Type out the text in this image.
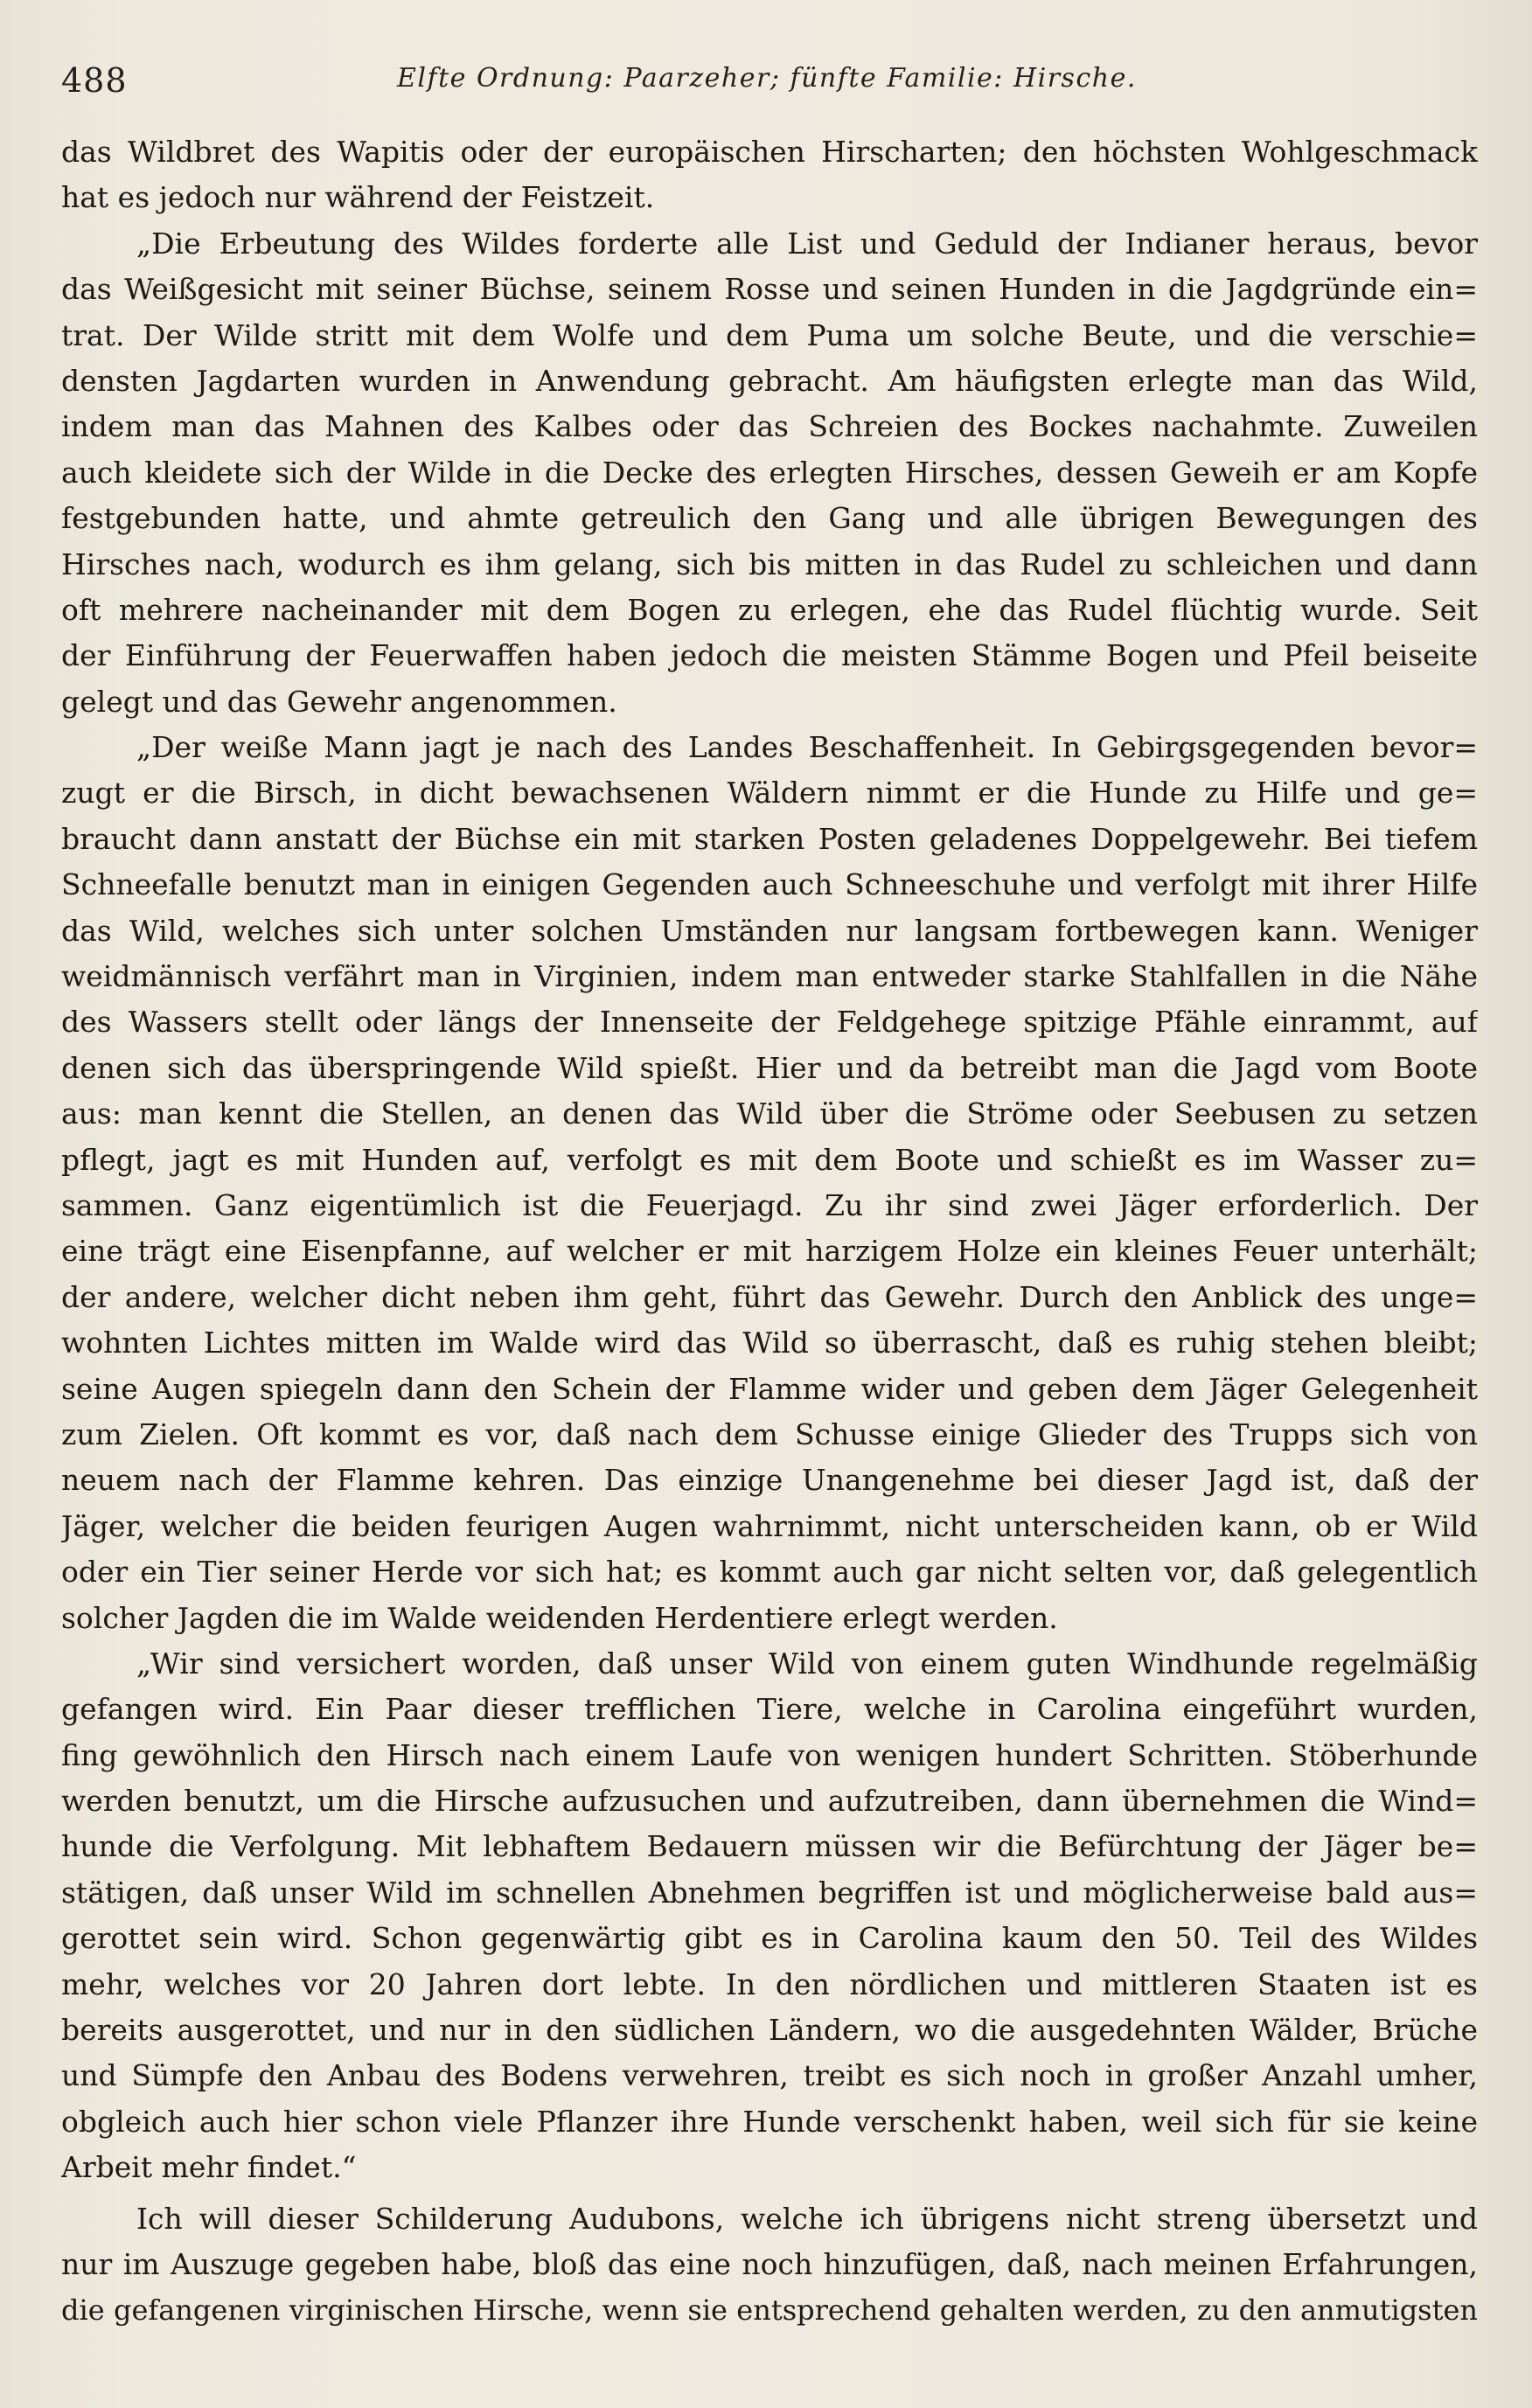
488	Elfte Ordnung: Paarzeher; fünfte Familie: Hirsche.
das Wildbret des Wapitis oder der europäischen Hirscharten; den höchsten Wohlgeschmack
hat es jedoch nur während der Feistzeit.
„Die Erbeutung des Wildes forderte alle List und Geduld der Indianer heraus, bevor
das Weißgesicht mit seiner Büchse, seinem Rosse und seinen Hunden in die Jagdgründe ein=
trat. Der Wilde stritt mit dem Wolfe und dem Puma um solche Beute, und die verschie=
densten Jagdarten wurden in Anwendung gebracht. Am häufigsten erlegte man das Wild,
indem man das Mahnen des Kalbes oder das Schreien des Bockes nachahmte. Zuweilen
auch kleidete sich der Wilde in die Decke des erlegten Hirsches, dessen Geweih er am Kopfe
festgebunden hatte, und ahmte getreulich den Gang und alle übrigen Bewegungen des
Hirsches nach, wodurch es ihm gelang, sich bis mitten in das Rudel zu schleichen und dann
oft mehrere nacheinander mit dem Bogen zu erlegen, ehe das Rudel flüchtig wurde. Seit
der Einführung der Feuerwaffen haben jedoch die meisten Stämme Bogen und Pfeil beiseite
gelegt und das Gewehr angenommen.
„Der weiße Mann jagt je nach des Landes Beschaffenheit. In Gebirgsgegenden bevor=
zugt er die Birsch, in dicht bewachsenen Wäldern nimmt er die Hunde zu Hilfe und ge=
braucht dann anstatt der Büchse ein mit starken Posten geladenes Doppelgewehr. Bei tiefem
Schneefalle benutzt man in einigen Gegenden auch Schneeschuhe und verfolgt mit ihrer Hilfe
das Wild, welches sich unter solchen Umständen nur langsam fortbewegen kann. Weniger
weidmännisch verfährt man in Virginien, indem man entweder starke Stahlfallen in die Nähe
des Wassers stellt oder längs der Innenseite der Feldgehege spitzige Pfähle einrammt, auf
denen sich das überspringende Wild spießt. Hier und da betreibt man die Jagd vom Boote
aus: man kennt die Stellen, an denen das Wild über die Ströme oder Seebusen zu setzen
pflegt, jagt es mit Hunden auf, verfolgt es mit dem Boote und schießt es im Wasser zu=
sammen. Ganz eigentümlich ist die Feuerjagd. Zu ihr sind zwei Jäger erforderlich. Der
eine trägt eine Eisenpfanne, auf welcher er mit harzigem Holze ein kleines Feuer unterhält;
der andere, welcher dicht neben ihm geht, führt das Gewehr. Durch den Anblick des unge=
wohnten Lichtes mitten im Walde wird das Wild so überrascht, daß es ruhig stehen bleibt;
seine Augen spiegeln dann den Schein der Flamme wider und geben dem Jäger Gelegenheit
zum Zielen. Oft kommt es vor, daß nach dem Schusse einige Glieder des Trupps sich von
neuem nach der Flamme kehren. Das einzige Unangenehme bei dieser Jagd ist, daß der
Jäger, welcher die beiden feurigen Augen wahrnimmt, nicht unterscheiden kann, ob er Wild
oder ein Tier seiner Herde vor sich hat; es kommt auch gar nicht selten vor, daß gelegentlich
solcher Jagden die im Walde weidenden Herdentiere erlegt werden.
„Wir sind versichert worden, daß unser Wild von einem guten Windhunde regelmäßig
gefangen wird. Ein Paar dieser trefflichen Tiere, welche in Carolina eingeführt wurden,
fing gewöhnlich den Hirsch nach einem Laufe von wenigen hundert Schritten. Stöberhunde
werden benutzt, um die Hirsche aufzusuchen und aufzutreiben, dann übernehmen die Wind=
hunde die Verfolgung. Mit lebhaftem Bedauern müssen wir die Befürchtung der Jäger be=
stätigen, daß unser Wild im schnellen Abnehmen begriffen ist und möglicherweise bald aus=
gerottet sein wird. Schon gegenwärtig gibt es in Carolina kaum den 50. Teil des Wildes
mehr, welches vor 20 Jahren dort lebte. In den nördlichen und mittleren Staaten ist es
bereits ausgerottet, und nur in den südlichen Ländern, wo die ausgedehnten Wälder, Brüche
und Sümpfe den Anbau des Bodens verwehren, treibt es sich noch in großer Anzahl umher,
obgleich auch hier schon viele Pflanzer ihre Hunde verschenkt haben, weil sich für sie keine
Arbeit mehr findet.“
Ich will dieser Schilderung Audubons, welche ich übrigens nicht streng übersetzt und
nur im Auszuge gegeben habe, bloß das eine noch hinzufügen, daß, nach meinen Erfahrungen,
die gefangenen virginischen Hirsche, wenn sie entsprechend gehalten werden, zu den anmutigsten
